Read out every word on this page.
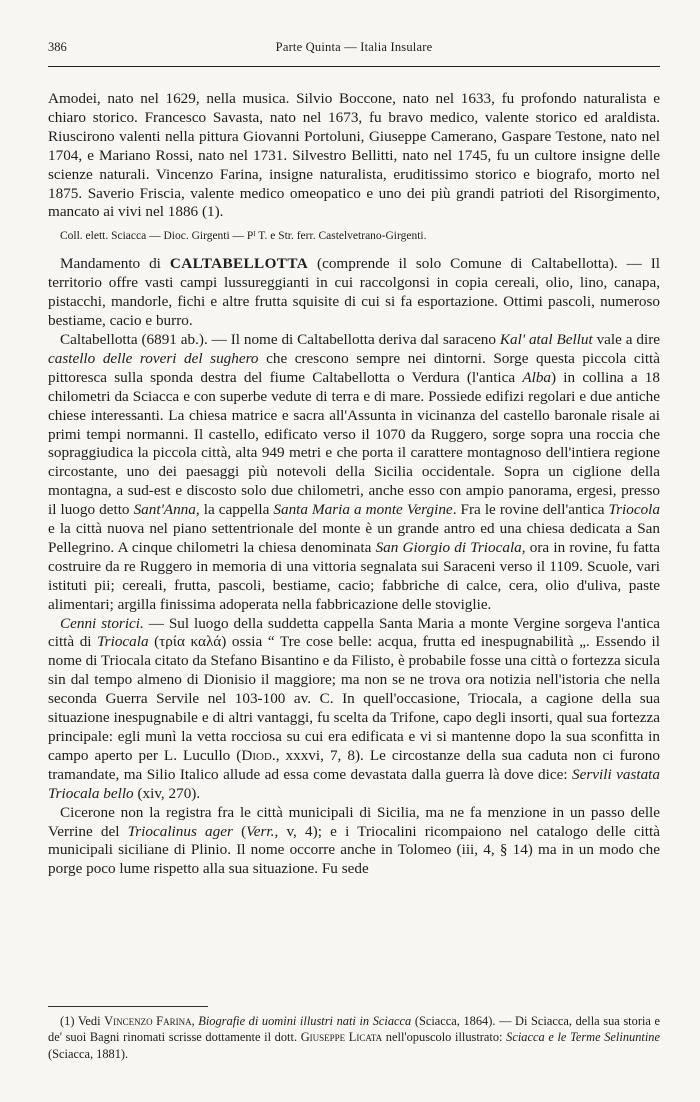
386	Parte Quinta — Italia Insulare

Amodei, nato nel 1629, nella musica. Silvio Boccone, nato nel 1633, fu profondo naturalista e chiaro storico. Francesco Savasta, nato nel 1673, fu bravo medico, valente storico ed araldista. Riuscirono valenti nella pittura Giovanni Portoluni, Giuseppe Camerano, Gaspare Testone, nato nel 1704, e Mariano Rossi, nato nel 1731. Silvestro Bellitti, nato nel 1745, fu un cultore insigne delle scienze naturali. Vincenzo Farina, insigne naturalista, eruditissimo storico e biografo, morto nel 1875. Saverio Friscia, valente medico omeopatico e uno dei più grandi patrioti del Risorgimento, mancato ai vivi nel 1886 (1).

Coll. elett. Sciacca — Dioc. Girgenti — Pᴵ T. e Str. ferr. Castelvetrano-Girgenti.

Mandamento di CALTABELLOTTA (comprende il solo Comune di Caltabellotta). — Il territorio offre vasti campi lussureggianti in cui raccolgonsi in copia cereali, olio, lino, canapa, pistacchi, mandorle, fichi e altre frutta squisite di cui si fa esportazione. Ottimi pascoli, numeroso bestiame, cacio e burro.

Caltabellotta (6891 ab.). — Il nome di Caltabellotta deriva dal saraceno Kal' atal Bellut vale a dire castello delle roveri del sughero che crescono sempre nei dintorni. Sorge questa piccola città pittoresca sulla sponda destra del fiume Caltabellotta o Verdura (l'antica Alba) in collina a 18 chilometri da Sciacca e con superbe vedute di terra e di mare. Possiede edifizi regolari e due antiche chiese interessanti. La chiesa matrice e sacra all'Assunta in vicinanza del castello baronale risale ai primi tempi normanni. Il castello, edificato verso il 1070 da Ruggero, sorge sopra una roccia che sopraggiudica la piccola città, alta 949 metri e che porta il carattere montagnoso dell'intiera regione circostante, uno dei paesaggi più notevoli della Sicilia occidentale. Sopra un ciglione della montagna, a sud-est e discosto solo due chilometri, anche esso con ampio panorama, ergesi, presso il luogo detto Sant'Anna, la cappella Santa Maria a monte Vergine. Fra le rovine dell'antica Triocola e la città nuova nel piano settentrionale del monte è un grande antro ed una chiesa dedicata a San Pellegrino. A cinque chilometri la chiesa denominata San Giorgio di Triocala, ora in rovine, fu fatta costruire da re Ruggero in memoria di una vittoria segnalata sui Saraceni verso il 1109. Scuole, vari istituti pii; cereali, frutta, pascoli, bestiame, cacio; fabbriche di calce, cera, olio d'uliva, paste alimentari; argilla finissima adoperata nella fabbricazione delle stoviglie.

Cenni storici. — Sul luogo della suddetta cappella Santa Maria a monte Vergine sorgeva l'antica città di Triocala (τρία καλά) ossia “ Tre cose belle: acqua, frutta ed inespugnabilità „. Essendo il nome di Triocala citato da Stefano Bisantino e da Filisto, è probabile fosse una città o fortezza sicula sin dal tempo almeno di Dionisio il maggiore; ma non se ne trova ora notizia nell'istoria che nella seconda Guerra Servile nel 103-100 av. C. In quell'occasione, Triocala, a cagione della sua situazione inespugnabile e di altri vantaggi, fu scelta da Trifone, capo degli insorti, qual sua fortezza principale: egli munì la vetta rocciosa su cui era edificata e vi si mantenne dopo la sua sconfitta in campo aperto per L. Lucullo (Diod., xxxvi, 7, 8). Le circostanze della sua caduta non ci furono tramandate, ma Silio Italico allude ad essa come devastata dalla guerra là dove dice: Servili vastata Triocala bello (xiv, 270).

Cicerone non la registra fra le città municipali di Sicilia, ma ne fa menzione in un passo delle Verrine del Triocalinus ager (Verr., v, 4); e i Triocalini ricompaiono nel catalogo delle città municipali siciliane di Plinio. Il nome occorre anche in Tolomeo (iii, 4, § 14) ma in un modo che porge poco lume rispetto alla sua situazione. Fu sede

(1) Vedi Vincenzo Farina, Biografie di uomini illustri nati in Sciacca (Sciacca, 1864). — Di Sciacca, della sua storia e de' suoi Bagni rinomati scrisse dottamente il dott. Giuseppe Licata nell'opuscolo illustrato: Sciacca e le Terme Selinuntine (Sciacca, 1881).
